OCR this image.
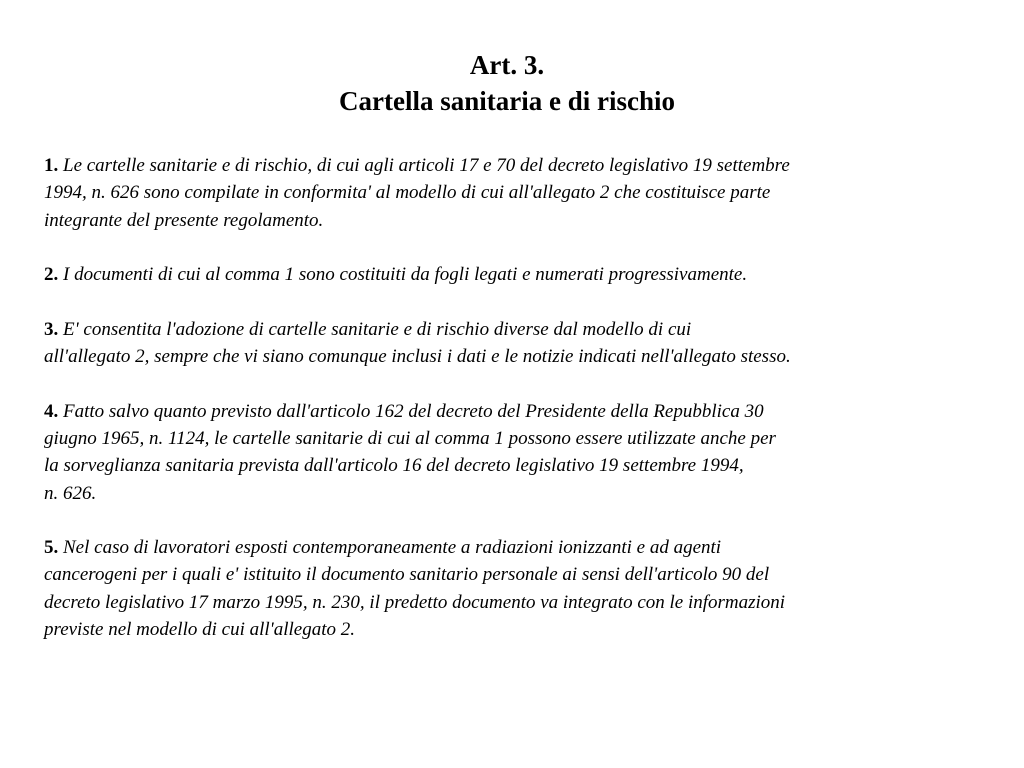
Art. 3.
Cartella sanitaria e di rischio
1. Le cartelle sanitarie e di rischio, di cui agli articoli 17 e 70 del decreto legislativo 19 settembre
1994, n. 626 sono compilate in conformita' al modello di cui all'allegato 2 che costituisce parte
integrante del presente regolamento.
2. I documenti di cui al comma 1 sono costituiti da fogli legati e numerati progressivamente.
3. E' consentita l'adozione di cartelle sanitarie e di rischio diverse dal modello di cui
all'allegato 2, sempre che vi siano comunque inclusi i dati e le notizie indicati nell'allegato stesso.
4. Fatto salvo quanto previsto dall'articolo 162 del decreto del Presidente della Repubblica 30
giugno 1965, n. 1124, le cartelle sanitarie di cui al comma 1 possono essere utilizzate anche per
la sorveglianza sanitaria prevista dall'articolo 16 del decreto legislativo 19 settembre 1994,
n. 626.
5. Nel caso di lavoratori esposti contemporaneamente a radiazioni ionizzanti e ad agenti
cancerogeni per i quali e' istituito il documento sanitario personale ai sensi dell'articolo 90 del
decreto legislativo 17 marzo 1995, n. 230, il predetto documento va integrato con le informazioni
previste nel modello di cui all'allegato 2.
